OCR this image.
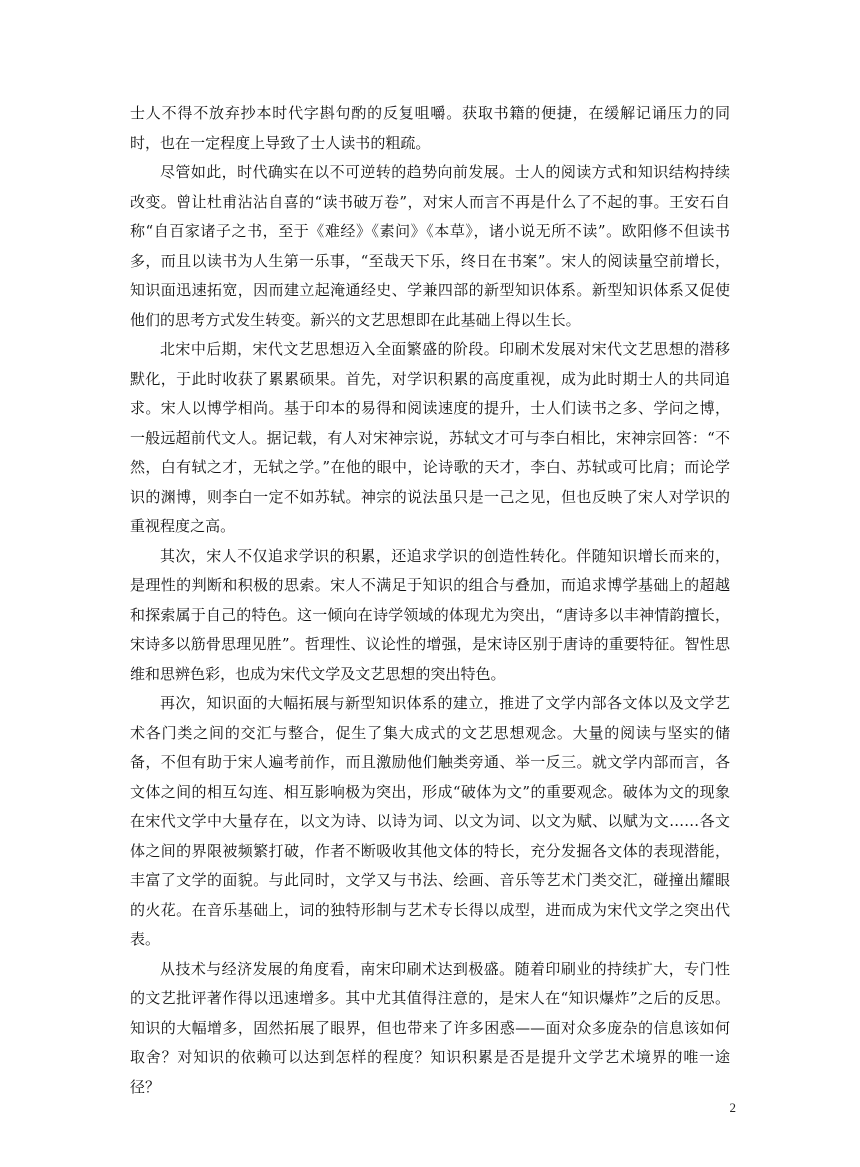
士人不得不放弃抄本时代字斟句酌的反复咀嚼。获取书籍的便捷，在缓解记诵压力的同时，也在一定程度上导致了士人读书的粗疏。

尽管如此，时代确实在以不可逆转的趋势向前发展。士人的阅读方式和知识结构持续改变。曾让杜甫沾沾自喜的“读书破万卷”，对宋人而言不再是什么了不起的事。王安石自称“自百家诸子之书，至于《难经》《素问》《本草》，诸小说无所不读”。欧阳修不但读书多，而且以读书为人生第一乐事，“至哉天下乐，终日在书案”。宋人的阅读量空前增长，知识面迅速拓宽，因而建立起淹通经史、学兼四部的新型知识体系。新型知识体系又促使他们的思考方式发生转变。新兴的文艺思想即在此基础上得以生长。

北宋中后期，宋代文艺思想迈入全面繁盛的阶段。印刷术发展对宋代文艺思想的潜移默化，于此时收获了累累硕果。首先，对学识积累的高度重视，成为此时期士人的共同追求。宋人以博学相尚。基于印本的易得和阅读速度的提升，士人们读书之多、学问之博，一般远超前代文人。据记载，有人对宋神宗说，苏轼文才可与李白相比，宋神宗回答：“不然，白有轼之才，无轼之学。”在他的眼中，论诗歌的天才，李白、苏轼或可比肩；而论学识的渊博，则李白一定不如苏轼。神宗的说法虽只是一己之见，但也反映了宋人对学识的重视程度之高。

其次，宋人不仅追求学识的积累，还追求学识的创造性转化。伴随知识增长而来的，是理性的判断和积极的思索。宋人不满足于知识的组合与叠加，而追求博学基础上的超越和探索属于自己的特色。这一倾向在诗学领域的体现尤为突出，“唐诗多以丰神情韵擅长，宋诗多以筋骨思理见胜”。哲理性、议论性的增强，是宋诗区别于唐诗的重要特征。智性思维和思辨色彩，也成为宋代文学及文艺思想的突出特色。

再次，知识面的大幅拓展与新型知识体系的建立，推进了文学内部各文体以及文学艺术各门类之间的交汇与整合，促生了集大成式的文艺思想观念。大量的阅读与坚实的储备，不但有助于宋人遍考前作，而且激励他们触类旁通、举一反三。就文学内部而言，各文体之间的相互勾连、相互影响极为突出，形成“破体为文”的重要观念。破体为文的现象在宋代文学中大量存在，以文为诗、以诗为词、以文为词、以文为赋、以赋为文……各文体之间的界限被频繁打破，作者不断吸收其他文体的特长，充分发掘各文体的表现潜能，丰富了文学的面貌。与此同时，文学又与书法、绘画、音乐等艺术门类交汇，碰撞出耀眼的火花。在音乐基础上，词的独特形制与艺术专长得以成型，进而成为宋代文学之突出代表。

从技术与经济发展的角度看，南宋印刷术达到极盛。随着印刷业的持续扩大，专门性的文艺批评著作得以迅速增多。其中尤其值得注意的，是宋人在“知识爆炸”之后的反思。知识的大幅增多，固然拓展了眼界，但也带来了许多困惑——面对众多庞杂的信息该如何取舍？对知识的依赖可以达到怎样的程度？知识积累是否是提升文学艺术境界的唯一途径？

2
